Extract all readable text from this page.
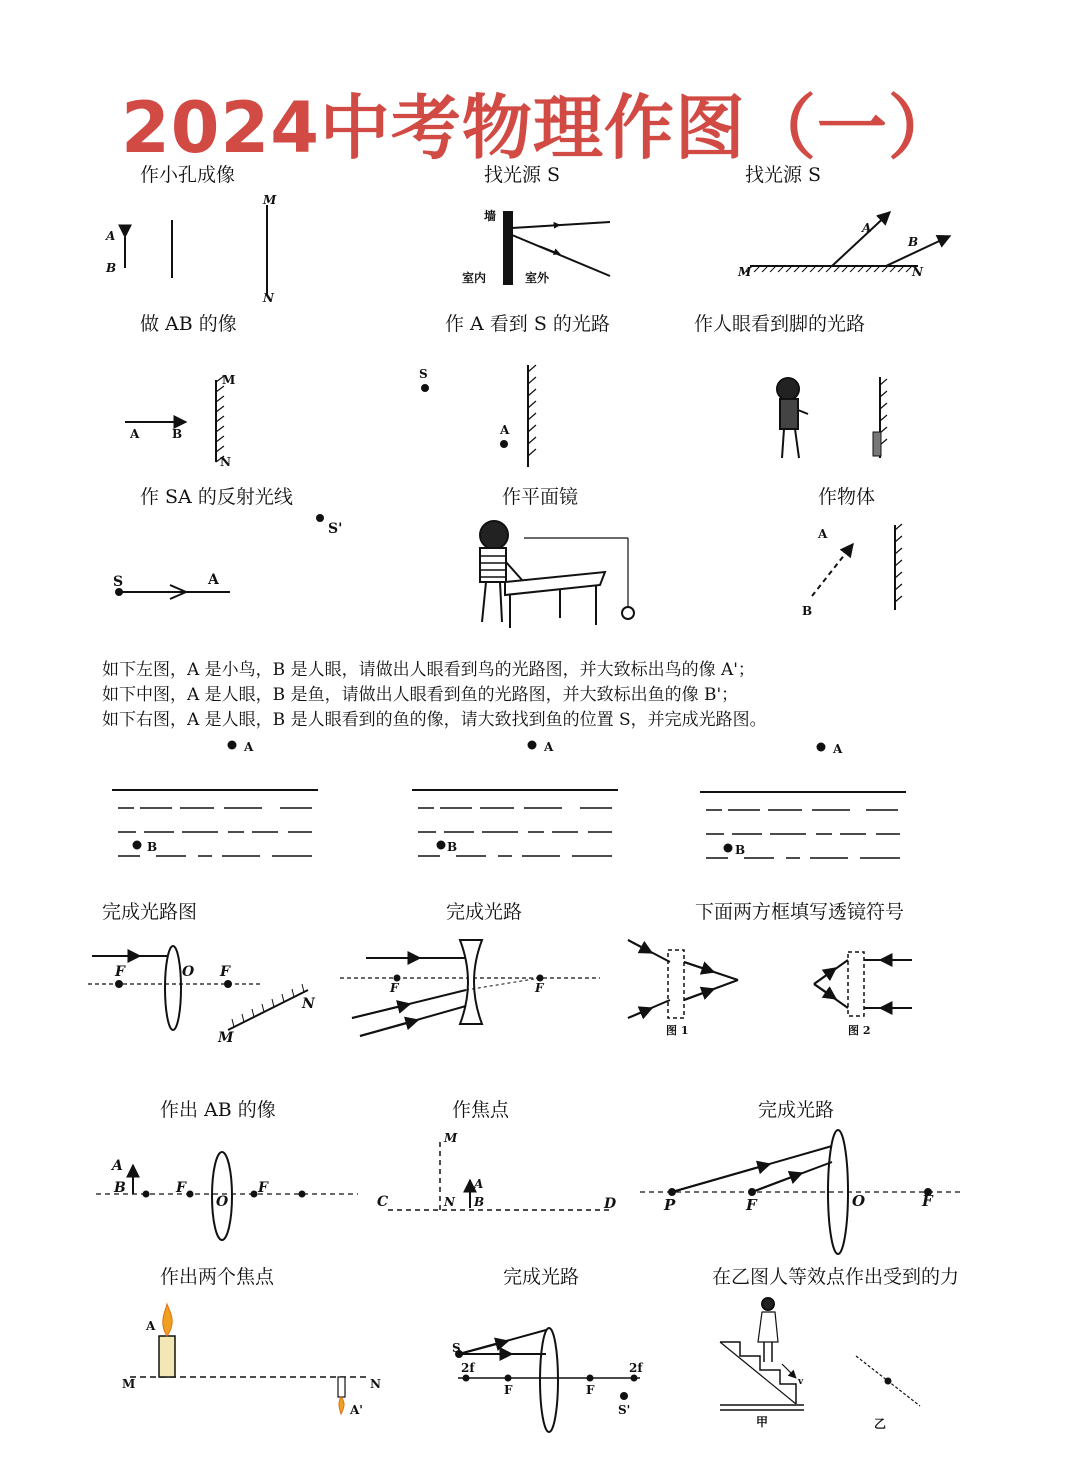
2024中考物理作图（一）
作小孔成像	找光源 S	找光源 S
做 AB 的像	作 A 看到 S 的光路	作人眼看到脚的光路
作 SA 的反射光线	作平面镜	作物体
如下左图，A 是小鸟，B 是人眼，请做出人眼看到鸟的光路图，并大致标出鸟的像 A'；
如下中图，A 是人眼，B 是鱼，请做出人眼看到鱼的光路图，并大致标出鱼的像 B'；
如下右图，A 是人眼，B 是人眼看到的鱼的像，请大致找到鱼的位置 S，并完成光路图。
完成光路图	完成光路	下面两方框填写透镜符号
作出 AB 的像	作焦点	完成光路
作出两个焦点	完成光路	在乙图人等效点作出受到的力
A
B
M
N
墙
室内	室外	M	N
A
B
A	B
M
N
S
A
S	A
S'	A
B
A
B
A
B
A
B
F	O F
N
M
F	F
图 1	图 2
A
B	F
O
F
M
N
A
B
C	D	P	F	O	F
A
M	N
A'
S
2f
F	F
2f
S'
v
甲	乙
